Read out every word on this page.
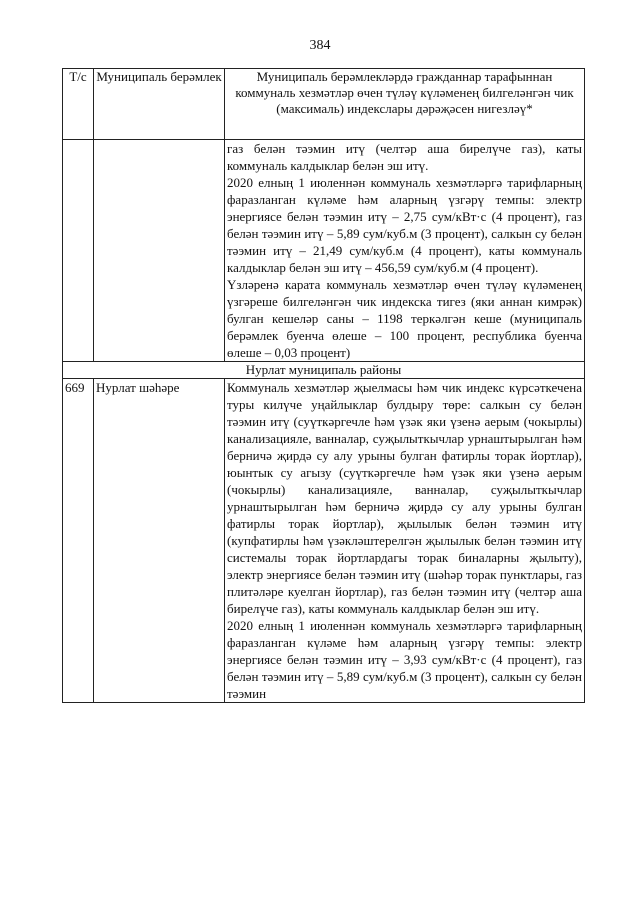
384
Т/с	Муниципаль берәмлек	Муниципаль берәмлекләрдә гражданнар тарафыннан коммуналь хезмәтләр өчен түләү күләменең билгеләнгән чик (максималь) индекслары дәрәҗәсен нигезләү*

		газ белән тәэмин итү (челтәр аша бирелүче газ), каты коммуналь калдыклар белән эш итү.

2020 елның 1 июленнән коммуналь хезмәтләргә тарифларның фаразланган күләме һәм аларның үзгәрү темпы: электр энергиясе белән тәэмин итү – 2,75 сум/кВт·с (4 процент), газ белән тәэмин итү – 5,89 сум/куб.м (3 процент), салкын су белән тәэмин итү – 21,49 сум/куб.м (4 процент), каты коммуналь калдыклар белән эш итү – 456,59 сум/куб.м (4 процент).

Үзләренә карата коммуналь хезмәтләр өчен түләү күләменең үзгәреше билгеләнгән чик индекска тигез (яки аннан кимрәк) булган кешеләр саны – 1198 теркәлгән кеше (муниципаль берәмлек буенча өлеше – 100 процент, республика буенча өлеше – 0,03 процент)

Нурлат муниципаль районы		
669	Нурлат шәһәре	Коммуналь хезмәтләр җыелмасы һәм чик индекс күрсәткечена туры килүче уңайлыклар булдыру төре: салкын су белән тәэмин итү (суүткәргечле һәм үзәк яки үзенә аерым (чокырлы) канализацияле, ванналар, суҗылыткычлар урнаштырылган һәм берничә җирдә су алу урыны булган фатирлы торак йортлар), юынтык су агызу (суүткәргечле һәм үзәк яки үзенә аерым (чокырлы) канализацияле, ванналар, суҗылыткычлар урнаштырылган һәм берничә җирдә су алу урыны булган фатирлы торак йортлар), җылылык белән тәэмин итү (купфатирлы һәм үзәкләштерелгән җылылык белән тәэмин итү системалы торак йортлардагы торак биналарны җылыту), электр энергиясе белән тәэмин итү (шәһәр торак пунктлары, газ плитәләре куелган йортлар), газ белән тәэмин итү (челтәр аша бирелүче газ), каты коммуналь калдыклар белән эш итү.

2020 елның 1 июленнән коммуналь хезмәтләргә тарифларның фаразланган күләме һәм аларның үзгәрү темпы: электр энергиясе белән тәэмин итү – 3,93 сум/кВт·с (4 процент), газ белән тәэмин итү – 5,89 сум/куб.м (3 процент), салкын су белән тәэмин
